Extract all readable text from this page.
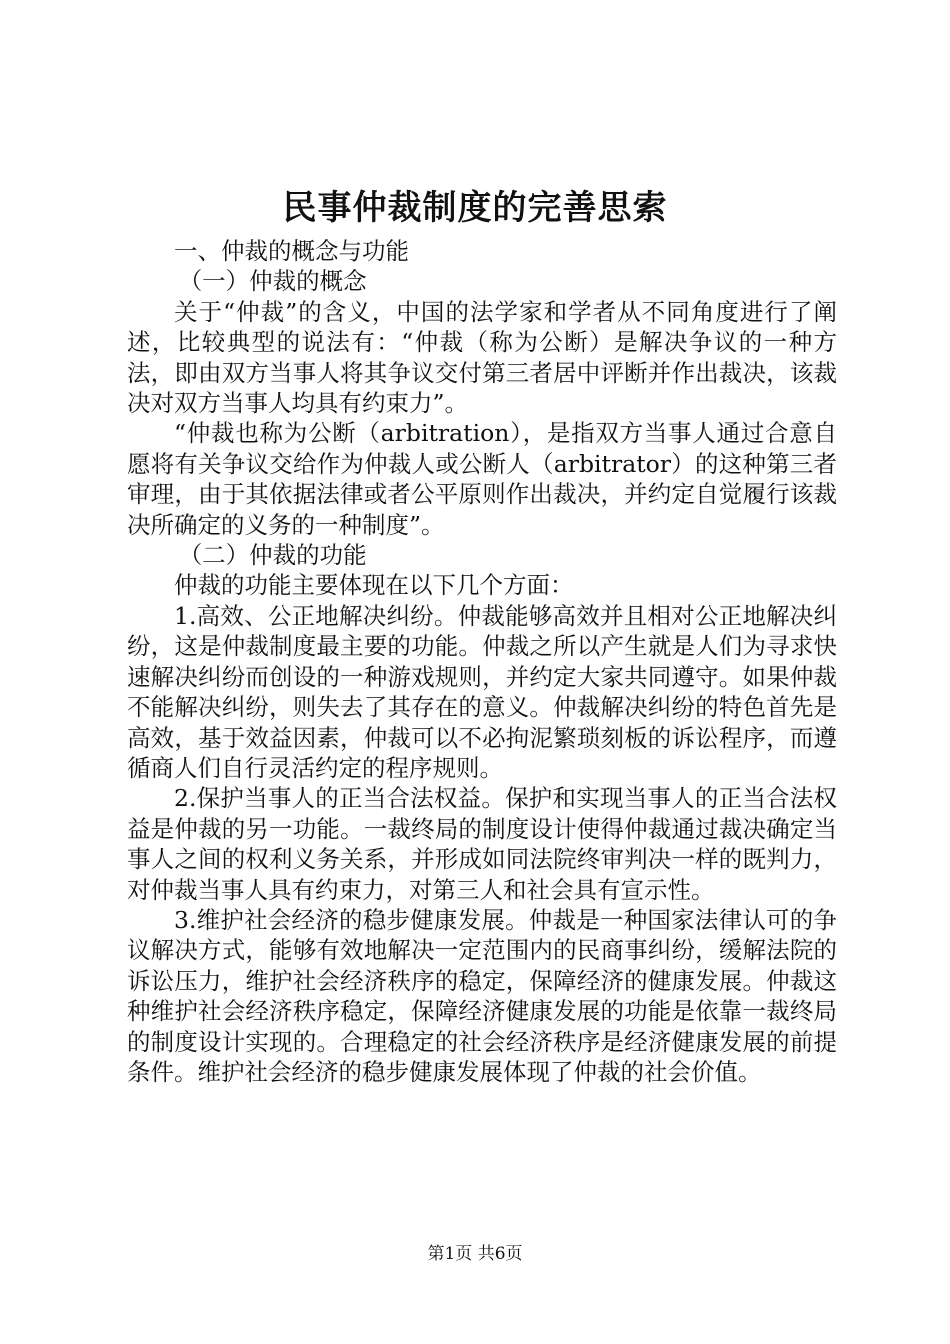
民事仲裁制度的完善思索

一、仲裁的概念与功能

（一）仲裁的概念

关于“仲裁”的含义，中国的法学家和学者从不同角度进行了阐述，比较典型的说法有：“仲裁（称为公断）是解决争议的一种方法，即由双方当事人将其争议交付第三者居中评断并作出裁决，该裁决对双方当事人均具有约束力”。

“仲裁也称为公断（arbitration），是指双方当事人通过合意自愿将有关争议交给作为仲裁人或公断人（arbitrator）的这种第三者审理，由于其依据法律或者公平原则作出裁决，并约定自觉履行该裁决所确定的义务的一种制度”。

（二）仲裁的功能

仲裁的功能主要体现在以下几个方面：

1.高效、公正地解决纠纷。仲裁能够高效并且相对公正地解决纠纷，这是仲裁制度最主要的功能。仲裁之所以产生就是人们为寻求快速解决纠纷而创设的一种游戏规则，并约定大家共同遵守。如果仲裁不能解决纠纷，则失去了其存在的意义。仲裁解决纠纷的特色首先是高效，基于效益因素，仲裁可以不必拘泥繁琐刻板的诉讼程序，而遵循商人们自行灵活约定的程序规则。

2.保护当事人的正当合法权益。保护和实现当事人的正当合法权益是仲裁的另一功能。一裁终局的制度设计使得仲裁通过裁决确定当事人之间的权利义务关系，并形成如同法院终审判决一样的既判力，对仲裁当事人具有约束力，对第三人和社会具有宣示性。

3.维护社会经济的稳步健康发展。仲裁是一种国家法律认可的争议解决方式，能够有效地解决一定范围内的民商事纠纷，缓解法院的诉讼压力，维护社会经济秩序的稳定，保障经济的健康发展。仲裁这种维护社会经济秩序稳定，保障经济健康发展的功能是依靠一裁终局的制度设计实现的。合理稳定的社会经济秩序是经济健康发展的前提条件。维护社会经济的稳步健康发展体现了仲裁的社会价值。

第1页 共6页
